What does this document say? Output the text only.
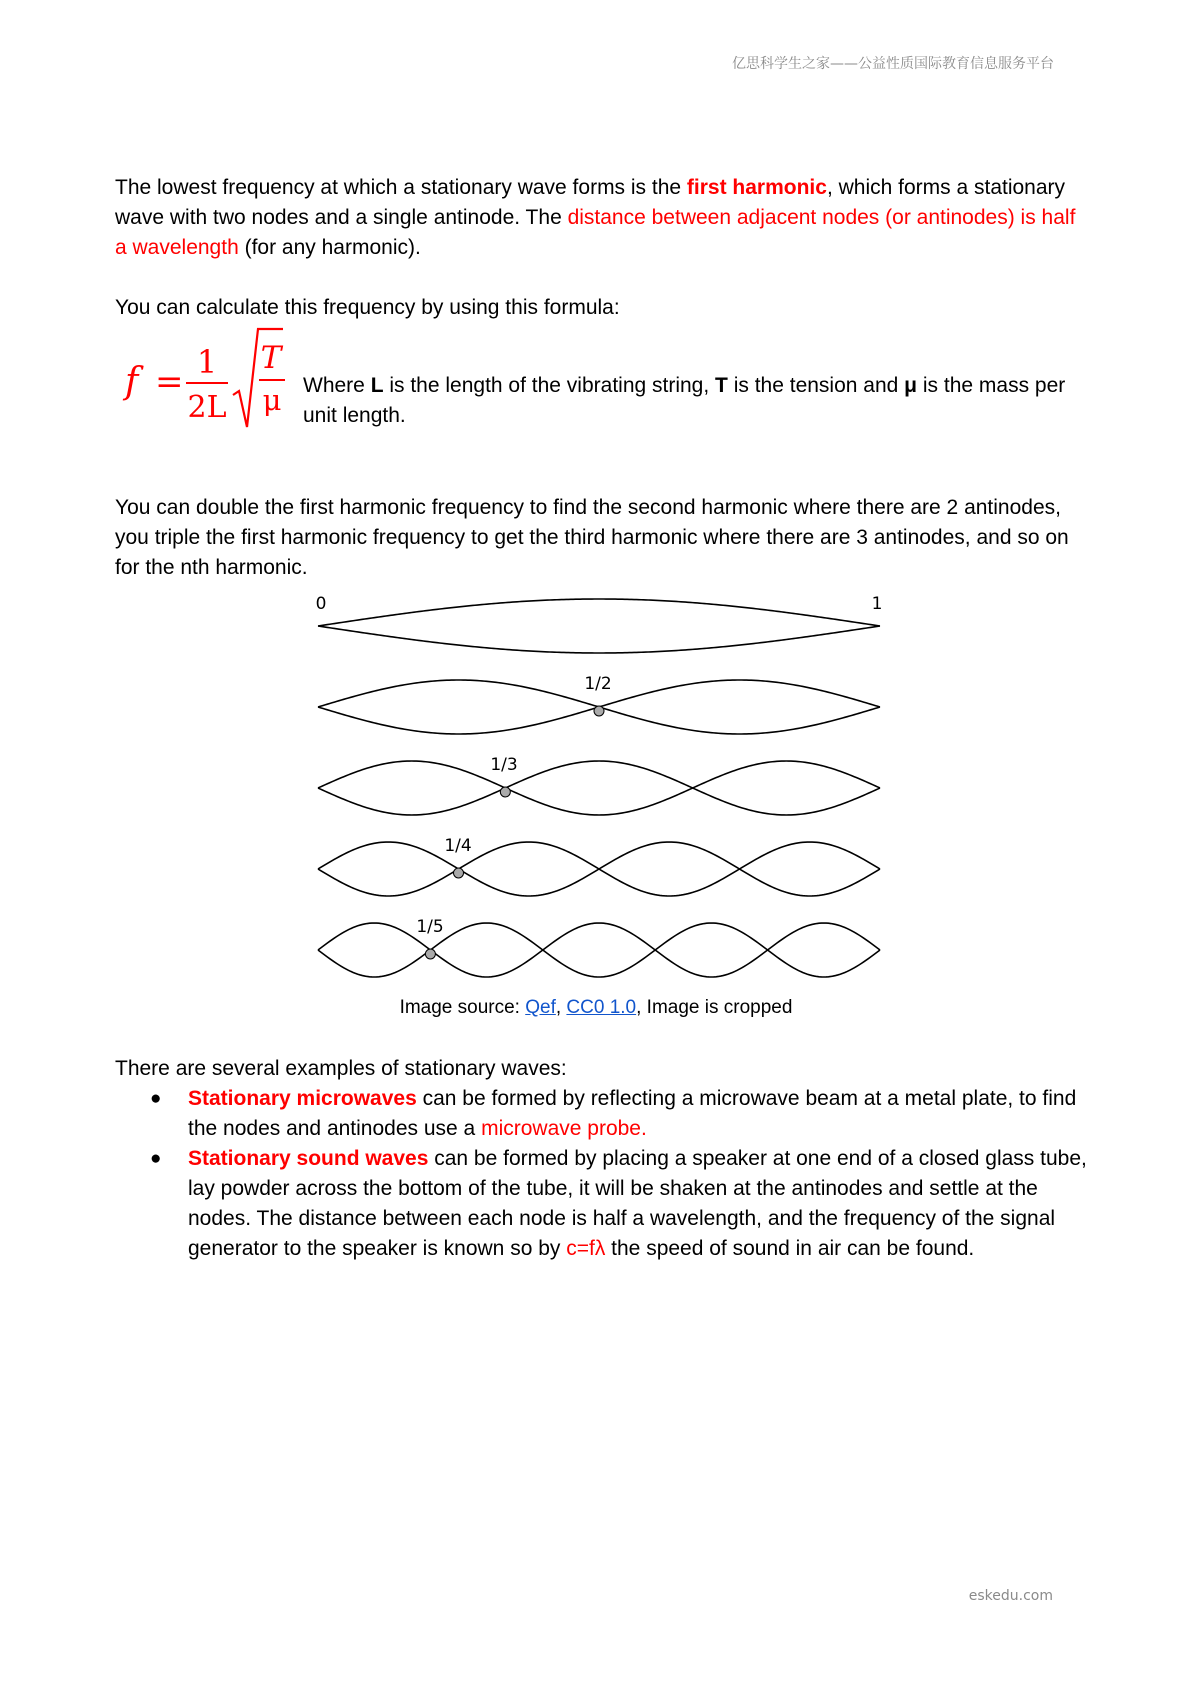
亿思科学生之家——公益性质国际教育信息服务平台

The lowest frequency at which a stationary wave forms is the first harmonic, which forms a stationary wave with two nodes and a single antinode. The distance between adjacent nodes (or antinodes) is half a wavelength (for any harmonic).

You can calculate this frequency by using this formula:

f = 1
2L
T
μ Where L is the length of the vibrating string, T is the tension and μ is the mass per unit length.

You can double the first harmonic frequency to find the second harmonic where there are 2 antinodes, you triple the first harmonic frequency to get the third harmonic where there are 3 antinodes, and so on for the nth harmonic.

0	1
1/2
1/3
1/4
1/5
Image source: Qef, CC0 1.0, Image is cropped

There are several examples of stationary waves:

● Stationary microwaves can be formed by reflecting a microwave beam at a metal plate, to find the nodes and antinodes use a microwave probe.
● Stationary sound waves can be formed by placing a speaker at one end of a closed glass tube, lay powder across the bottom of the tube, it will be shaken at the antinodes and settle at the nodes. The distance between each node is half a wavelength, and the frequency of the signal generator to the speaker is known so by c=fλ the speed of sound in air can be found.
eskedu.com
